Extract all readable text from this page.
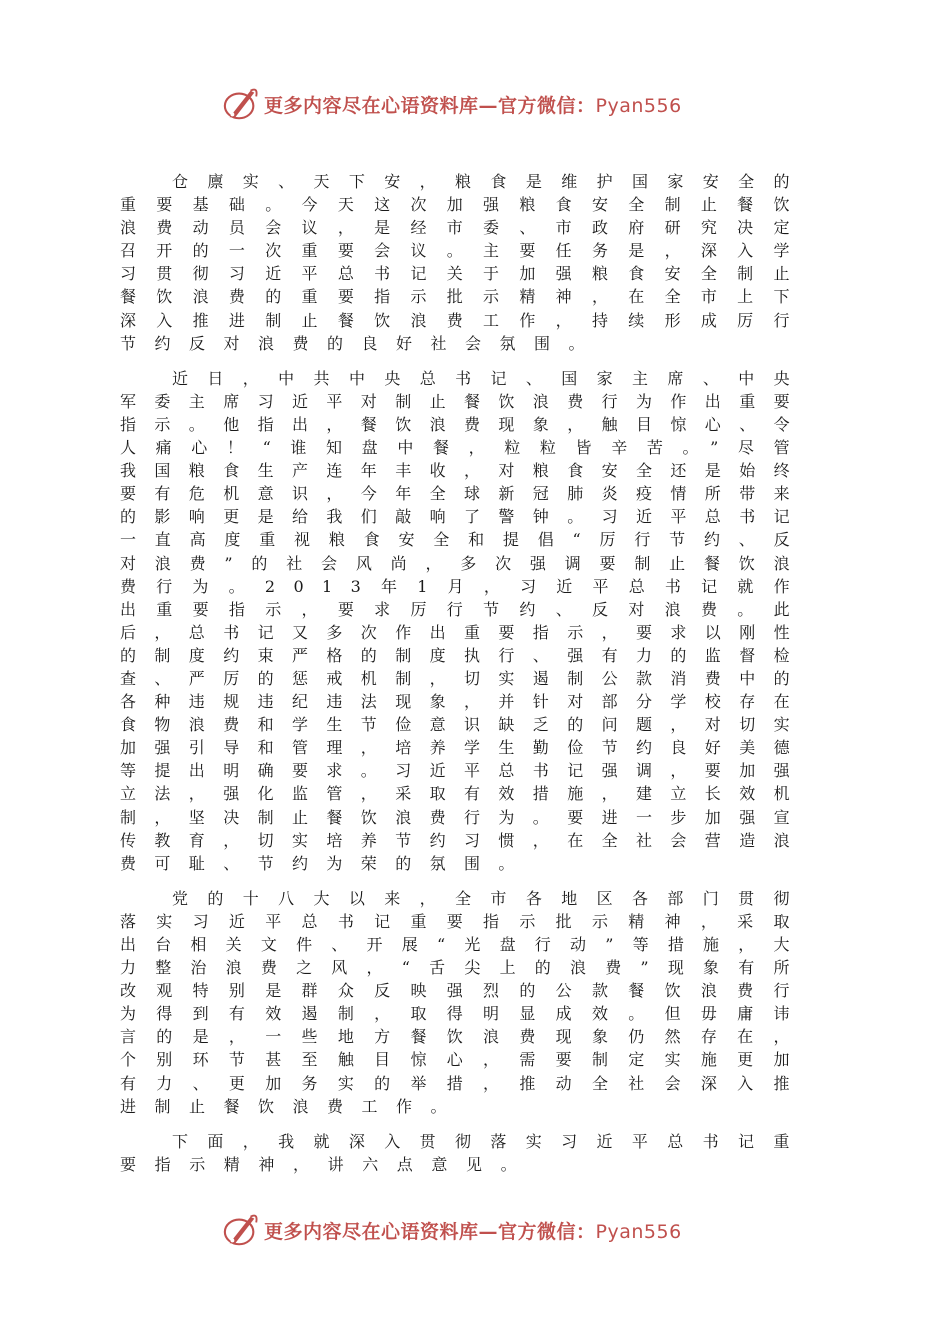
更多内容尽在心语资料库—官方微信：Pyan556

仓廪实、天下安，粮食是维护国家安全的重要基础。今天这次加强粮食安全制止餐饮浪费动员会议，是经市委、市政府研究决定召开的一次重要会议。主要任务是，深入学习贯彻习近平总书记关于加强粮食安全制止餐饮浪费的重要指示批示精神，在全市上下深入推进制止餐饮浪费工作，持续形成厉行节约反对浪费的良好社会氛围。

近日，中共中央总书记、国家主席、中央军委主席习近平对制止餐饮浪费行为作出重要指示。他指出，餐饮浪费现象，触目惊心、令人痛心！“谁知盘中餐，粒粒皆辛苦。”尽管我国粮食生产连年丰收，对粮食安全还是始终要有危机意识，今年全球新冠肺炎疫情所带来的影响更是给我们敲响了警钟。习近平总书记一直高度重视粮食安全和提倡“厉行节约、反对浪费”的社会风尚，多次强调要制止餐饮浪费行为。2013年1月，习近平总书记就作出重要指示，要求厉行节约、反对浪费。此后，总书记又多次作出重要指示，要求以刚性的制度约束严格的制度执行、强有力的监督检查、严厉的惩戒机制，切实遏制公款消费中的各种违规违纪违法现象，并针对部分学校存在食物浪费和学生节俭意识缺乏的问题，对切实加强引导和管理，培养学生勤俭节约良好美德等提出明确要求。习近平总书记强调，要加强立法，强化监管，采取有效措施，建立长效机制，坚决制止餐饮浪费行为。要进一步加强宣传教育，切实培养节约习惯，在全社会营造浪费可耻、节约为荣的氛围。

党的十八大以来，全市各地区各部门贯彻落实习近平总书记重要指示批示精神，采取出台相关文件、开展“光盘行动”等措施，大力整治浪费之风，“舌尖上的浪费”现象有所改观特别是群众反映强烈的公款餐饮浪费行为得到有效遏制，取得明显成效。但毋庸讳言的是，一些地方餐饮浪费现象仍然存在，个别环节甚至触目惊心，需要制定实施更加有力、更加务实的举措，推动全社会深入推进制止餐饮浪费工作。

下面，我就深入贯彻落实习近平总书记重要指示精神，讲六点意见。

更多内容尽在心语资料库—官方微信：Pyan556
